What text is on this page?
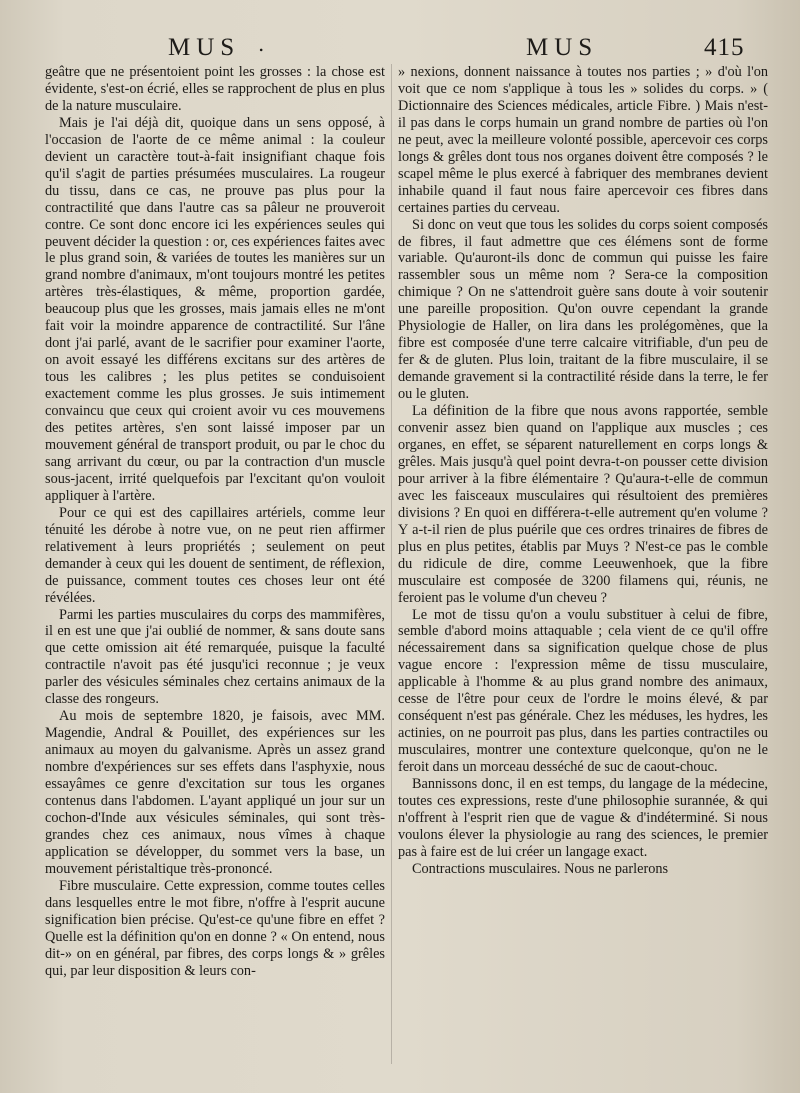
MUS .	MUS	415

geâtre que ne présentoient point les grosses : la chose est évidente, s'est-on écrié, elles se rapprochent de plus en plus de la nature musculaire.

Mais je l'ai déjà dit, quoique dans un sens opposé, à l'occasion de l'aorte de ce même animal : la couleur devient un caractère tout-à-fait insignifiant chaque fois qu'il s'agit de parties présumées musculaires. La rougeur du tissu, dans ce cas, ne prouve pas plus pour la contractilité que dans l'autre cas sa pâleur ne prouveroit contre. Ce sont donc encore ici les expériences seules qui peuvent décider la question : or, ces expériences faites avec le plus grand soin, & variées de toutes les manières sur un grand nombre d'animaux, m'ont toujours montré les petites artères très-élastiques, & même, proportion gardée, beaucoup plus que les grosses, mais jamais elles ne m'ont fait voir la moindre apparence de contractilité. Sur l'âne dont j'ai parlé, avant de le sacrifier pour examiner l'aorte, on avoit essayé les différens excitans sur des artères de tous les calibres ; les plus petites se conduisoient exactement comme les plus grosses. Je suis intimement convaincu que ceux qui croient avoir vu ces mouvemens des petites artères, s'en sont laissé imposer par un mouvement général de transport produit, ou par le choc du sang arrivant du cœur, ou par la contraction d'un muscle sous-jacent, irrité quelquefois par l'excitant qu'on vouloit appliquer à l'artère.

Pour ce qui est des capillaires artériels, comme leur ténuité les dérobe à notre vue, on ne peut rien affirmer relativement à leurs propriétés ; seulement on peut demander à ceux qui les douent de sentiment, de réflexion, de puissance, comment toutes ces choses leur ont été révélées.

Parmi les parties musculaires du corps des mammifères, il en est une que j'ai oublié de nommer, & sans doute sans que cette omission ait été remarquée, puisque la faculté contractile n'avoit pas été jusqu'ici reconnue ; je veux parler des vésicules séminales chez certains animaux de la classe des rongeurs.

Au mois de septembre 1820, je faisois, avec MM. Magendie, Andral & Pouillet, des expériences sur les animaux au moyen du galvanisme. Après un assez grand nombre d'expériences sur ses effets dans l'asphyxie, nous essayâmes ce genre d'excitation sur tous les organes contenus dans l'abdomen. L'ayant appliqué un jour sur un cochon-d'Inde aux vésicules séminales, qui sont très-grandes chez ces animaux, nous vîmes à chaque application se développer, du sommet vers la base, un mouvement péristaltique très-prononcé.

Fibre musculaire. Cette expression, comme toutes celles dans lesquelles entre le mot fibre, n'offre à l'esprit aucune signification bien précise. Qu'est-ce qu'une fibre en effet ? Quelle est la définition qu'on en donne ? « On entend, nous dit-» on en général, par fibres, des corps longs & » grêles qui, par leur disposition & leurs con-

» nexions, donnent naissance à toutes nos parties ; » d'où l'on voit que ce nom s'applique à tous les » solides du corps. » ( Dictionnaire des Sciences médicales, article Fibre. ) Mais n'est-il pas dans le corps humain un grand nombre de parties où l'on ne peut, avec la meilleure volonté possible, apercevoir ces corps longs & grêles dont tous nos organes doivent être composés ? le scapel même le plus exercé à fabriquer des membranes devient inhabile quand il faut nous faire apercevoir ces fibres dans certaines parties du cerveau.

Si donc on veut que tous les solides du corps soient composés de fibres, il faut admettre que ces élémens sont de forme variable. Qu'auront-ils donc de commun qui puisse les faire rassembler sous un même nom ? Sera-ce la composition chimique ? On ne s'attendroit guère sans doute à voir soutenir une pareille proposition. Qu'on ouvre cependant la grande Physiologie de Haller, on lira dans les prolégomènes, que la fibre est composée d'une terre calcaire vitrifiable, d'un peu de fer & de gluten. Plus loin, traitant de la fibre musculaire, il se demande gravement si la contractilité réside dans la terre, le fer ou le gluten.

La définition de la fibre que nous avons rapportée, semble convenir assez bien quand on l'applique aux muscles ; ces organes, en effet, se séparent naturellement en corps longs & grêles. Mais jusqu'à quel point devra-t-on pousser cette division pour arriver à la fibre élémentaire ? Qu'aura-t-elle de commun avec les faisceaux musculaires qui résultoient des premières divisions ? En quoi en différera-t-elle autrement qu'en volume ? Y a-t-il rien de plus puérile que ces ordres trinaires de fibres de plus en plus petites, établis par Muys ? N'est-ce pas le comble du ridicule de dire, comme Leeuwenhoek, que la fibre musculaire est composée de 3200 filamens qui, réunis, ne feroient pas le volume d'un cheveu ?

Le mot de tissu qu'on a voulu substituer à celui de fibre, semble d'abord moins attaquable ; cela vient de ce qu'il offre nécessairement dans sa signification quelque chose de plus vague encore : l'expression même de tissu musculaire, applicable à l'homme & au plus grand nombre des animaux, cesse de l'être pour ceux de l'ordre le moins élevé, & par conséquent n'est pas générale. Chez les méduses, les hydres, les actinies, on ne pourroit pas plus, dans les parties contractiles ou musculaires, montrer une contexture quelconque, qu'on ne le feroit dans un morceau desséché de suc de caout-chouc.

Bannissons donc, il en est temps, du langage de la médecine, toutes ces expressions, reste d'une philosophie surannée, & qui n'offrent à l'esprit rien que de vague & d'indéterminé. Si nous voulons élever la physiologie au rang des sciences, le premier pas à faire est de lui créer un langage exact.

Contractions musculaires. Nous ne parlerons
